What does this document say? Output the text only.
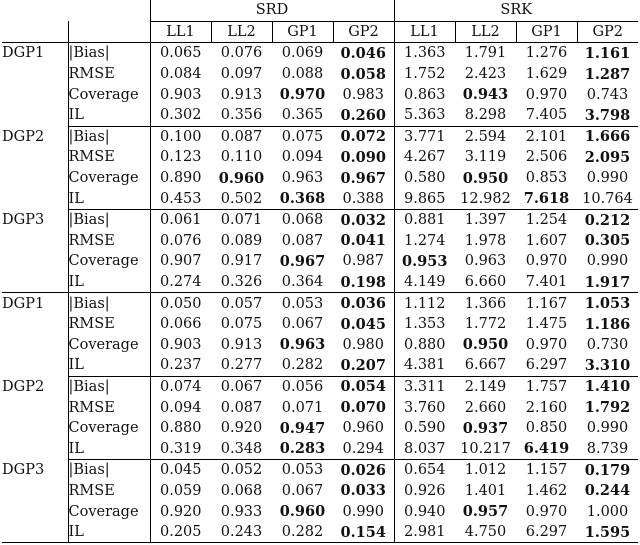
		SRD				SRK			
		LL1	LL2	GP1	GP2	LL1	LL2	GP1	GP2
DGP1	|Bias|	0.065	0.076	0.069	0.046	1.363	1.791	1.276	1.161
	RMSE	0.084	0.097	0.088	0.058	1.752	2.423	1.629	1.287
	Coverage	0.903	0.913	0.970	0.983	0.863	0.943	0.970	0.743
	IL	0.302	0.356	0.365	0.260	5.363	8.298	7.405	3.798
DGP2	|Bias|	0.100	0.087	0.075	0.072	3.771	2.594	2.101	1.666
	RMSE	0.123	0.110	0.094	0.090	4.267	3.119	2.506	2.095
	Coverage	0.890	0.960	0.963	0.967	0.580	0.950	0.853	0.990
	IL	0.453	0.502	0.368	0.388	9.865	12.982	7.618	10.764
DGP3	|Bias|	0.061	0.071	0.068	0.032	0.881	1.397	1.254	0.212
	RMSE	0.076	0.089	0.087	0.041	1.274	1.978	1.607	0.305
	Coverage	0.907	0.917	0.967	0.987	0.953	0.963	0.970	0.990
	IL	0.274	0.326	0.364	0.198	4.149	6.660	7.401	1.917
DGP1	|Bias|	0.050	0.057	0.053	0.036	1.112	1.366	1.167	1.053
	RMSE	0.066	0.075	0.067	0.045	1.353	1.772	1.475	1.186
	Coverage	0.903	0.913	0.963	0.980	0.880	0.950	0.970	0.730
	IL	0.237	0.277	0.282	0.207	4.381	6.667	6.297	3.310
DGP2	|Bias|	0.074	0.067	0.056	0.054	3.311	2.149	1.757	1.410
	RMSE	0.094	0.087	0.071	0.070	3.760	2.660	2.160	1.792
	Coverage	0.880	0.920	0.947	0.960	0.590	0.937	0.850	0.990
	IL	0.319	0.348	0.283	0.294	8.037	10.217	6.419	8.739
DGP3	|Bias|	0.045	0.052	0.053	0.026	0.654	1.012	1.157	0.179
	RMSE	0.059	0.068	0.067	0.033	0.926	1.401	1.462	0.244
	Coverage	0.920	0.933	0.960	0.990	0.940	0.957	0.970	1.000
	IL	0.205	0.243	0.282	0.154	2.981	4.750	6.297	1.595
